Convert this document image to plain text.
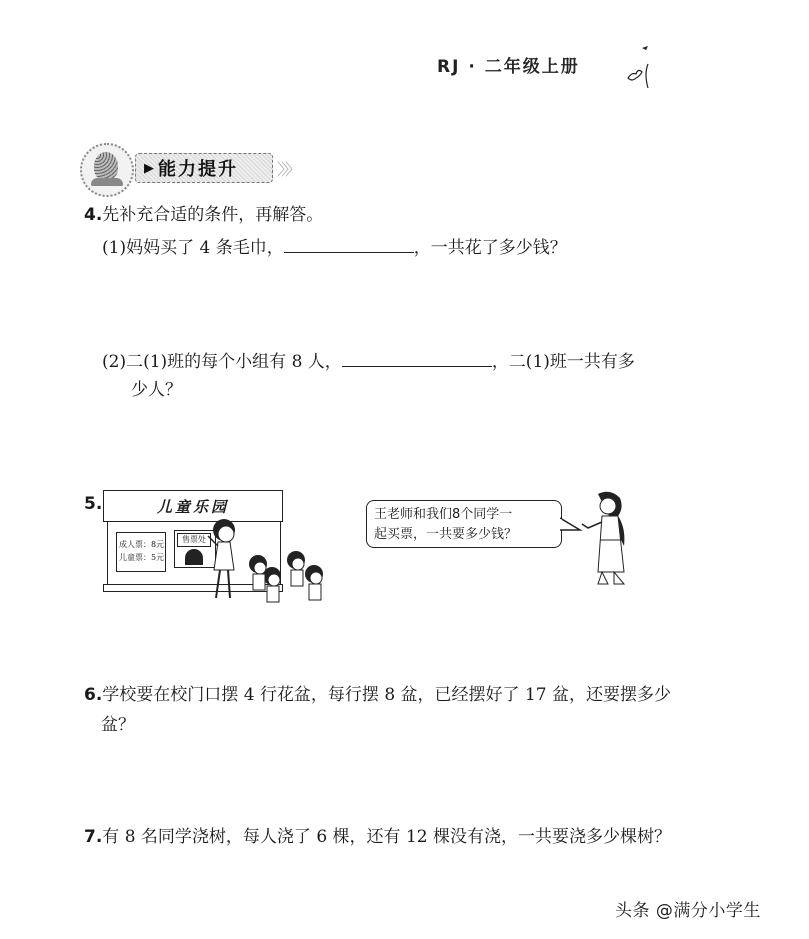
RJ · 二年级上册
▶ 能力提升 〉〉〉
4.先补充合适的条件，再解答。
(1)妈妈买了 4 条毛巾，	，一共花了多少钱？
(2)二(1)班的每个小组有 8 人，	，二(1)班一共有多
少人？
5.	儿童乐园
成人票：8元
儿童票：5元
售票处
王老师和我们8个同学一
起买票，一共要多少钱？
6.学校要在校门口摆 4 行花盆，每行摆 8 盆，已经摆好了 17 盆，还要摆多少
盆？
7.有 8 名同学浇树，每人浇了 6 棵，还有 12 棵没有浇，一共要浇多少棵树？
头条 @满分小学生
